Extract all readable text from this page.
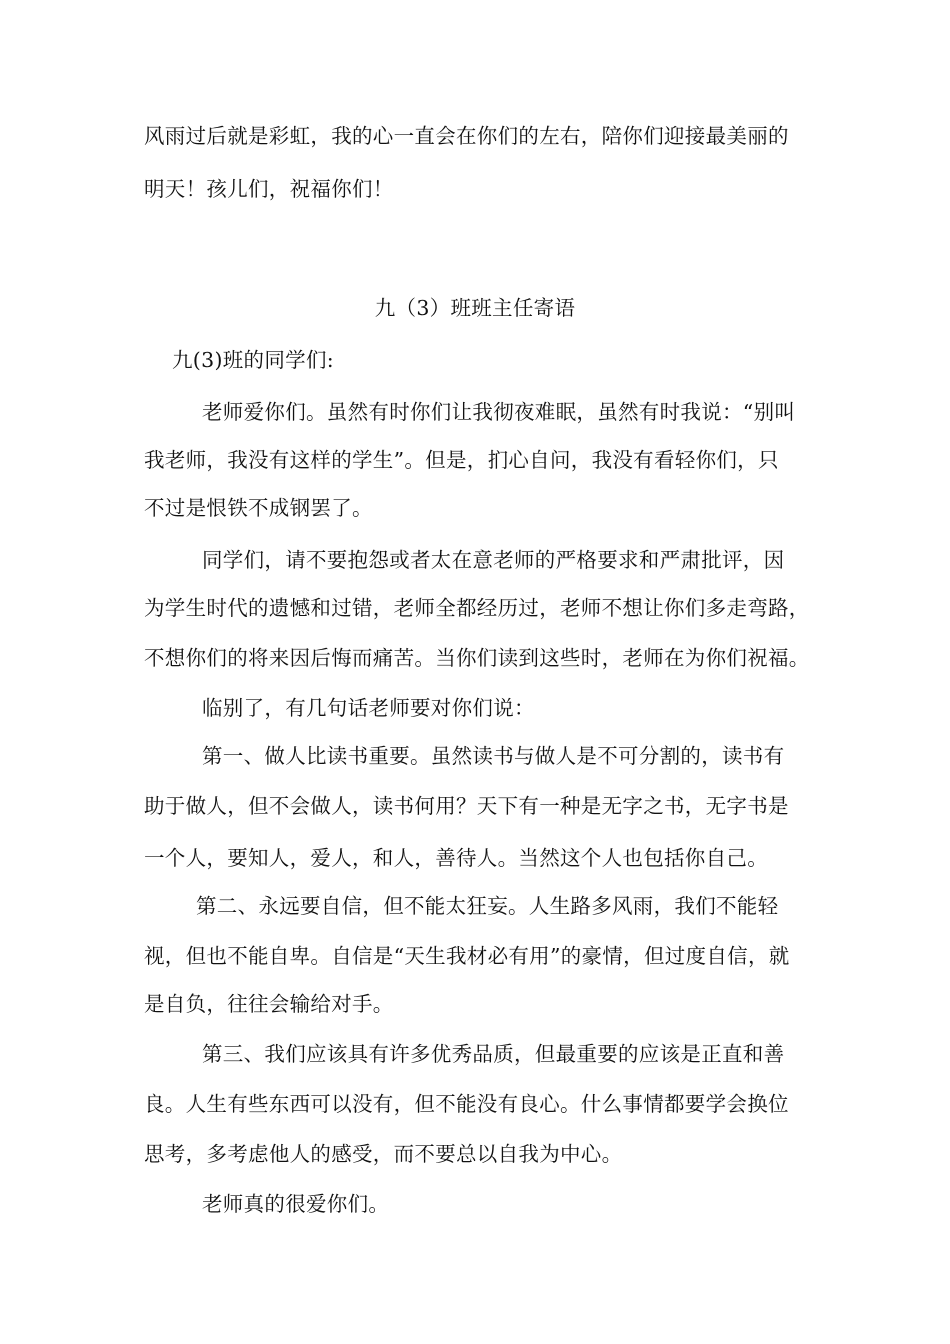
风雨过后就是彩虹，我的心一直会在你们的左右，陪你们迎接最美丽的
明天！孩儿们，祝福你们！
九（3）班班主任寄语
九(3)班的同学们:
老师爱你们。虽然有时你们让我彻夜难眠，虽然有时我说：“别叫
我老师，我没有这样的学生”。但是，扪心自问，我没有看轻你们，只
不过是恨铁不成钢罢了。
同学们，请不要抱怨或者太在意老师的严格要求和严肃批评，因
为学生时代的遗憾和过错，老师全都经历过，老师不想让你们多走弯路，
不想你们的将来因后悔而痛苦。当你们读到这些时，老师在为你们祝福。
临别了，有几句话老师要对你们说：
第一、做人比读书重要。虽然读书与做人是不可分割的，读书有
助于做人，但不会做人，读书何用？天下有一种是无字之书，无字书是
一个人，要知人，爱人，和人，善待人。当然这个人也包括你自己。
第二、永远要自信，但不能太狂妄。人生路多风雨，我们不能轻
视，但也不能自卑。自信是“天生我材必有用”的豪情，但过度自信，就
是自负，往往会输给对手。
第三、我们应该具有许多优秀品质，但最重要的应该是正直和善
良。人生有些东西可以没有，但不能没有良心。什么事情都要学会换位
思考，多考虑他人的感受，而不要总以自我为中心。
老师真的很爱你们。
